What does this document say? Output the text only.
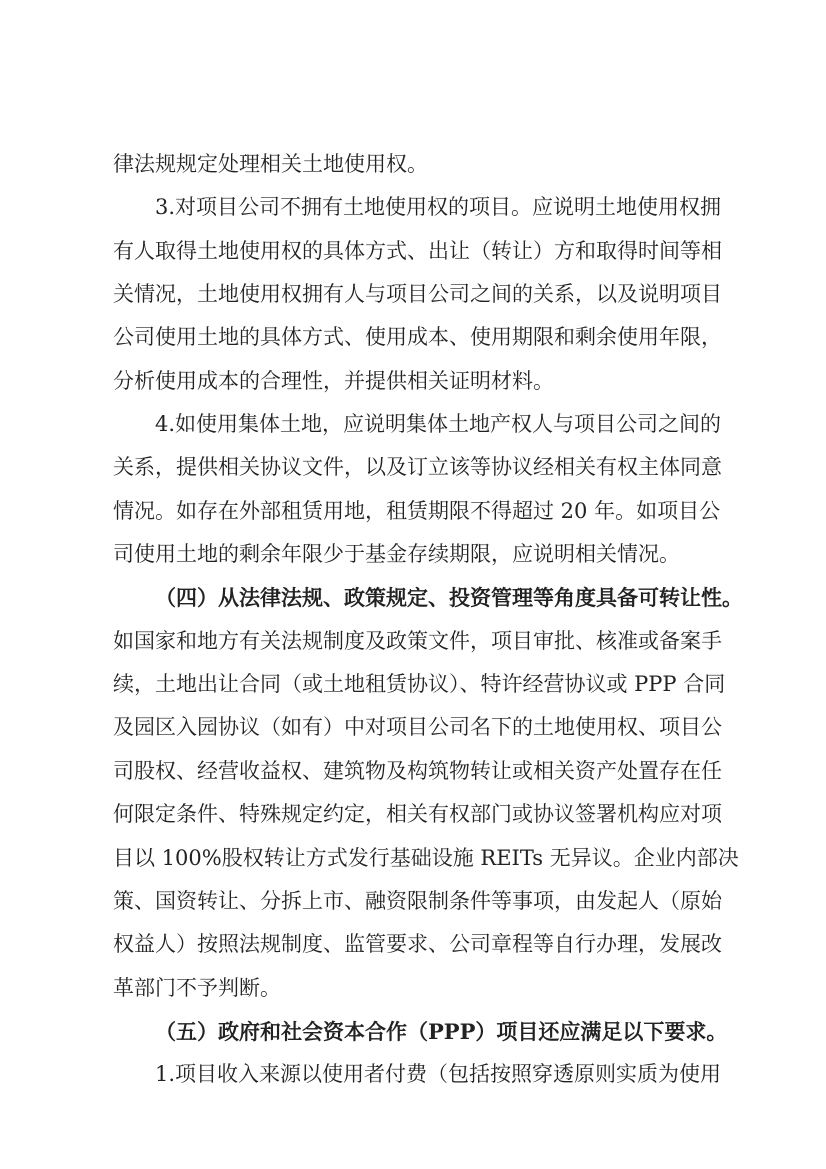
律法规规定处理相关土地使用权。
3.对项目公司不拥有土地使用权的项目。应说明土地使用权拥
有人取得土地使用权的具体方式、出让（转让）方和取得时间等相
关情况，土地使用权拥有人与项目公司之间的关系，以及说明项目
公司使用土地的具体方式、使用成本、使用期限和剩余使用年限，
分析使用成本的合理性，并提供相关证明材料。
4.如使用集体土地，应说明集体土地产权人与项目公司之间的
关系，提供相关协议文件，以及订立该等协议经相关有权主体同意
情况。如存在外部租赁用地，租赁期限不得超过 20 年。如项目公
司使用土地的剩余年限少于基金存续期限，应说明相关情况。
（四）从法律法规、政策规定、投资管理等角度具备可转让性。
如国家和地方有关法规制度及政策文件，项目审批、核准或备案手
续，土地出让合同（或土地租赁协议）、特许经营协议或 PPP 合同
及园区入园协议（如有）中对项目公司名下的土地使用权、项目公
司股权、经营收益权、建筑物及构筑物转让或相关资产处置存在任
何限定条件、特殊规定约定，相关有权部门或协议签署机构应对项
目以 100%股权转让方式发行基础设施 REITs 无异议。企业内部决
策、国资转让、分拆上市、融资限制条件等事项，由发起人（原始
权益人）按照法规制度、监管要求、公司章程等自行办理，发展改
革部门不予判断。
（五）政府和社会资本合作（PPP）项目还应满足以下要求。
1.项目收入来源以使用者付费（包括按照穿透原则实质为使用
